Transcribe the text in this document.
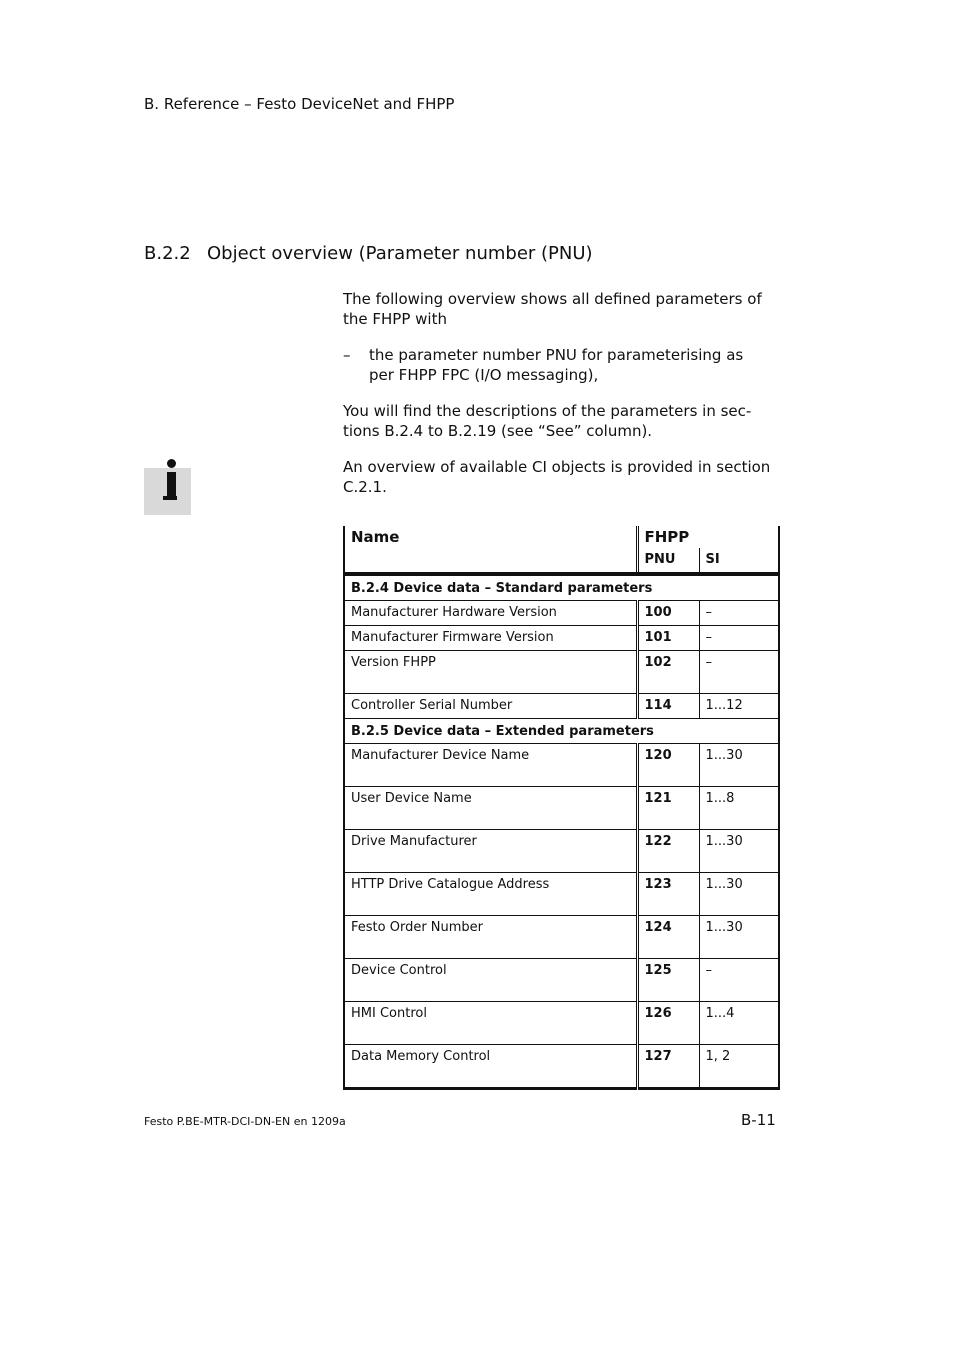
B. Reference – Festo DeviceNet and FHPP
B.2.2 Object overview (Parameter number (PNU)

The following overview shows all defined parameters of the FHPP with

– the parameter number PNU for parameterising as per FHPP FPC (I/O messaging),

You will find the descriptions of the parameters in sections B.2.4 to B.2.19 (see “See” column).

An overview of available CI objects is provided in section C.2.1.

Name	FHPP	
	PNU	SI
B.2.4 Device data – Standard parameters		
Manufacturer Hardware Version	100	–
Manufacturer Firmware Version	101	–
Version FHPP	102	–
Controller Serial Number	114	1...12
B.2.5 Device data – Extended parameters		
Manufacturer Device Name	120	1...30
User Device Name	121	1...8
Drive Manufacturer	122	1...30
HTTP Drive Catalogue Address	123	1...30
Festo Order Number	124	1...30
Device Control	125	–
HMI Control	126	1...4
Data Memory Control	127	1, 2
Festo P.BE-MTR-DCI-DN-EN en 1209a	B-11
